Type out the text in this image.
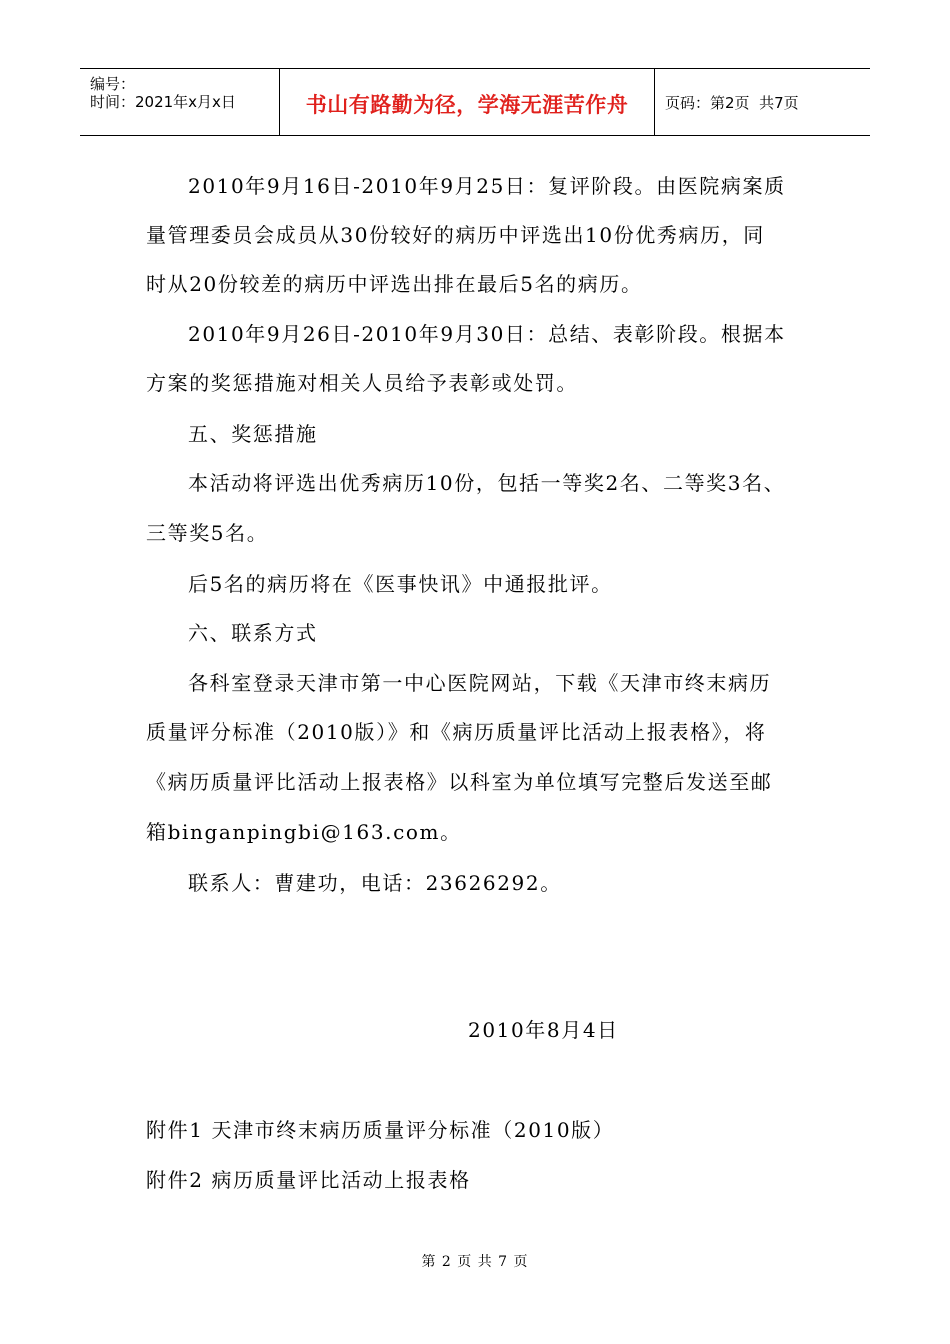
编号：
时间：2021年x月x日	书山有路勤为径，学海无涯苦作舟 页码：第2页  共7页
2010年9月16日-2010年9月25日：复评阶段。由医院病案质
量管理委员会成员从30份较好的病历中评选出10份优秀病历，同
时从20份较差的病历中评选出排在最后5名的病历。
2010年9月26日-2010年9月30日：总结、表彰阶段。根据本
方案的奖惩措施对相关人员给予表彰或处罚。
五、奖惩措施
本活动将评选出优秀病历10份，包括一等奖2名、二等奖3名、
三等奖5名。
后5名的病历将在《医事快讯》中通报批评。
六、联系方式
各科室登录天津市第一中心医院网站，下载《天津市终末病历
质量评分标准（2010版）》和《病历质量评比活动上报表格》，将
《病历质量评比活动上报表格》以科室为单位填写完整后发送至邮
箱binganpingbi@163.com。
联系人：曹建功，电话：23626292。
2010年8月4日
附件1 天津市终末病历质量评分标准（2010版）
附件2 病历质量评比活动上报表格
第 2 页 共 7 页
